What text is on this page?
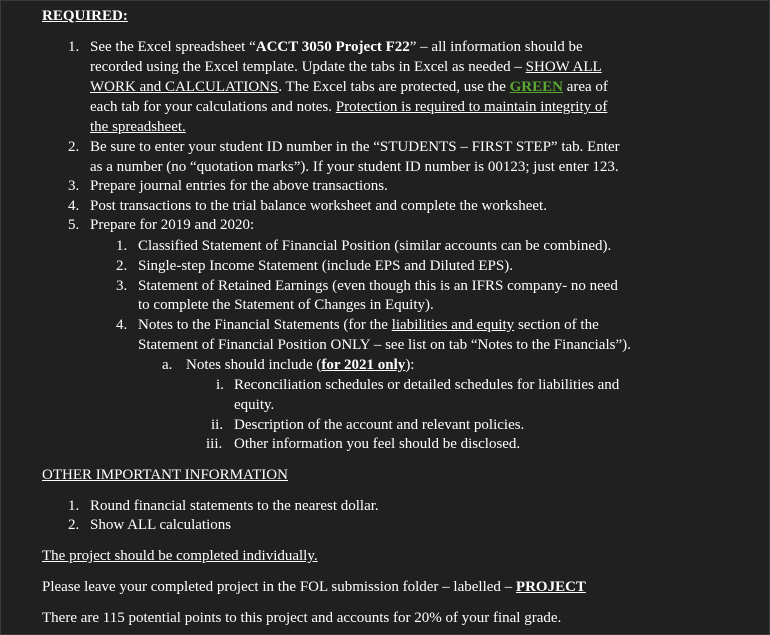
REQUIRED:
1. See the Excel spreadsheet “ACCT 3050 Project F22” – all information should be
recorded using the Excel template. Update the tabs in Excel as needed – SHOW ALL
WORK and CALCULATIONS. The Excel tabs are protected, use the GREEN area of
each tab for your calculations and notes. Protection is required to maintain integrity of
the spreadsheet.
2. Be sure to enter your student ID number in the “STUDENTS – FIRST STEP” tab. Enter
as a number (no “quotation marks”). If your student ID number is 00123; just enter 123.
3. Prepare journal entries for the above transactions.
4. Post transactions to the trial balance worksheet and complete the worksheet.
5. Prepare for 2019 and 2020:
1. Classified Statement of Financial Position (similar accounts can be combined).
2. Single-step Income Statement (include EPS and Diluted EPS).
3. Statement of Retained Earnings (even though this is an IFRS company- no need
to complete the Statement of Changes in Equity).
4. Notes to the Financial Statements (for the liabilities and equity section of the
Statement of Financial Position ONLY – see list on tab “Notes to the Financials”).
a. Notes should include (for 2021 only):
i. Reconciliation schedules or detailed schedules for liabilities and
equity.
ii. Description of the account and relevant policies.
iii. Other information you feel should be disclosed.
OTHER IMPORTANT INFORMATION
1. Round financial statements to the nearest dollar.
2. Show ALL calculations
The project should be completed individually.
Please leave your completed project in the FOL submission folder – labelled – PROJECT
There are 115 potential points to this project and accounts for 20% of your final grade.
